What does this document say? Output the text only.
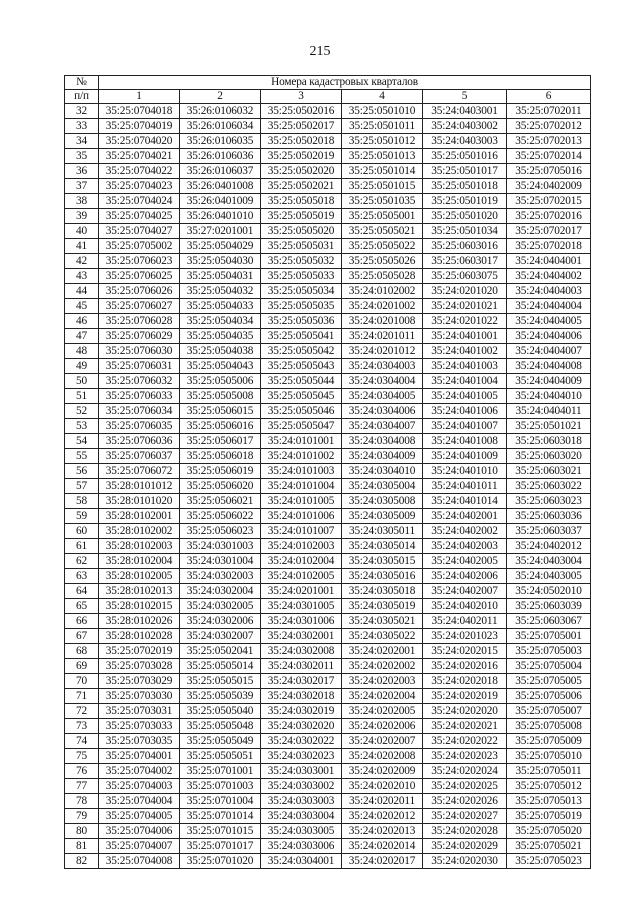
215
№	Номера кадастровых кварталов					
п/п	1	2	3	4	5	6
32	35:25:0704018	35:26:0106032	35:25:0502016	35:25:0501010	35:24:0403001	35:25:0702011
33	35:25:0704019	35:26:0106034	35:25:0502017	35:25:0501011	35:24:0403002	35:25:0702012
34	35:25:0704020	35:26:0106035	35:25:0502018	35:25:0501012	35:24:0403003	35:25:0702013
35	35:25:0704021	35:26:0106036	35:25:0502019	35:25:0501013	35:25:0501016	35:25:0702014
36	35:25:0704022	35:26:0106037	35:25:0502020	35:25:0501014	35:25:0501017	35:25:0705016
37	35:25:0704023	35:26:0401008	35:25:0502021	35:25:0501015	35:25:0501018	35:24:0402009
38	35:25:0704024	35:26:0401009	35:25:0505018	35:25:0501035	35:25:0501019	35:25:0702015
39	35:25:0704025	35:26:0401010	35:25:0505019	35:25:0505001	35:25:0501020	35:25:0702016
40	35:25:0704027	35:27:0201001	35:25:0505020	35:25:0505021	35:25:0501034	35:25:0702017
41	35:25:0705002	35:25:0504029	35:25:0505031	35:25:0505022	35:25:0603016	35:25:0702018
42	35:25:0706023	35:25:0504030	35:25:0505032	35:25:0505026	35:25:0603017	35:24:0404001
43	35:25:0706025	35:25:0504031	35:25:0505033	35:25:0505028	35:25:0603075	35:24:0404002
44	35:25:0706026	35:25:0504032	35:25:0505034	35:24:0102002	35:24:0201020	35:24:0404003
45	35:25:0706027	35:25:0504033	35:25:0505035	35:24:0201002	35:24:0201021	35:24:0404004
46	35:25:0706028	35:25:0504034	35:25:0505036	35:24:0201008	35:24:0201022	35:24:0404005
47	35:25:0706029	35:25:0504035	35:25:0505041	35:24:0201011	35:24:0401001	35:24:0404006
48	35:25:0706030	35:25:0504038	35:25:0505042	35:24:0201012	35:24:0401002	35:24:0404007
49	35:25:0706031	35:25:0504043	35:25:0505043	35:24:0304003	35:24:0401003	35:24:0404008
50	35:25:0706032	35:25:0505006	35:25:0505044	35:24:0304004	35:24:0401004	35:24:0404009
51	35:25:0706033	35:25:0505008	35:25:0505045	35:24:0304005	35:24:0401005	35:24:0404010
52	35:25:0706034	35:25:0506015	35:25:0505046	35:24:0304006	35:24:0401006	35:24:0404011
53	35:25:0706035	35:25:0506016	35:25:0505047	35:24:0304007	35:24:0401007	35:25:0501021
54	35:25:0706036	35:25:0506017	35:24:0101001	35:24:0304008	35:24:0401008	35:25:0603018
55	35:25:0706037	35:25:0506018	35:24:0101002	35:24:0304009	35:24:0401009	35:25:0603020
56	35:25:0706072	35:25:0506019	35:24:0101003	35:24:0304010	35:24:0401010	35:25:0603021
57	35:28:0101012	35:25:0506020	35:24:0101004	35:24:0305004	35:24:0401011	35:25:0603022
58	35:28:0101020	35:25:0506021	35:24:0101005	35:24:0305008	35:24:0401014	35:25:0603023
59	35:28:0102001	35:25:0506022	35:24:0101006	35:24:0305009	35:24:0402001	35:25:0603036
60	35:28:0102002	35:25:0506023	35:24:0101007	35:24:0305011	35:24:0402002	35:25:0603037
61	35:28:0102003	35:24:0301003	35:24:0102003	35:24:0305014	35:24:0402003	35:24:0402012
62	35:28:0102004	35:24:0301004	35:24:0102004	35:24:0305015	35:24:0402005	35:24:0403004
63	35:28:0102005	35:24:0302003	35:24:0102005	35:24:0305016	35:24:0402006	35:24:0403005
64	35:28:0102013	35:24:0302004	35:24:0201001	35:24:0305018	35:24:0402007	35:24:0502010
65	35:28:0102015	35:24:0302005	35:24:0301005	35:24:0305019	35:24:0402010	35:25:0603039
66	35:28:0102026	35:24:0302006	35:24:0301006	35:24:0305021	35:24:0402011	35:25:0603067
67	35:28:0102028	35:24:0302007	35:24:0302001	35:24:0305022	35:24:0201023	35:25:0705001
68	35:25:0702019	35:25:0502041	35:24:0302008	35:24:0202001	35:24:0202015	35:25:0705003
69	35:25:0703028	35:25:0505014	35:24:0302011	35:24:0202002	35:24:0202016	35:25:0705004
70	35:25:0703029	35:25:0505015	35:24:0302017	35:24:0202003	35:24:0202018	35:25:0705005
71	35:25:0703030	35:25:0505039	35:24:0302018	35:24:0202004	35:24:0202019	35:25:0705006
72	35:25:0703031	35:25:0505040	35:24:0302019	35:24:0202005	35:24:0202020	35:25:0705007
73	35:25:0703033	35:25:0505048	35:24:0302020	35:24:0202006	35:24:0202021	35:25:0705008
74	35:25:0703035	35:25:0505049	35:24:0302022	35:24:0202007	35:24:0202022	35:25:0705009
75	35:25:0704001	35:25:0505051	35:24:0302023	35:24:0202008	35:24:0202023	35:25:0705010
76	35:25:0704002	35:25:0701001	35:24:0303001	35:24:0202009	35:24:0202024	35:25:0705011
77	35:25:0704003	35:25:0701003	35:24:0303002	35:24:0202010	35:24:0202025	35:25:0705012
78	35:25:0704004	35:25:0701004	35:24:0303003	35:24:0202011	35:24:0202026	35:25:0705013
79	35:25:0704005	35:25:0701014	35:24:0303004	35:24:0202012	35:24:0202027	35:25:0705019
80	35:25:0704006	35:25:0701015	35:24:0303005	35:24:0202013	35:24:0202028	35:25:0705020
81	35:25:0704007	35:25:0701017	35:24:0303006	35:24:0202014	35:24:0202029	35:25:0705021
82	35:25:0704008	35:25:0701020	35:24:0304001	35:24:0202017	35:24:0202030	35:25:0705023
